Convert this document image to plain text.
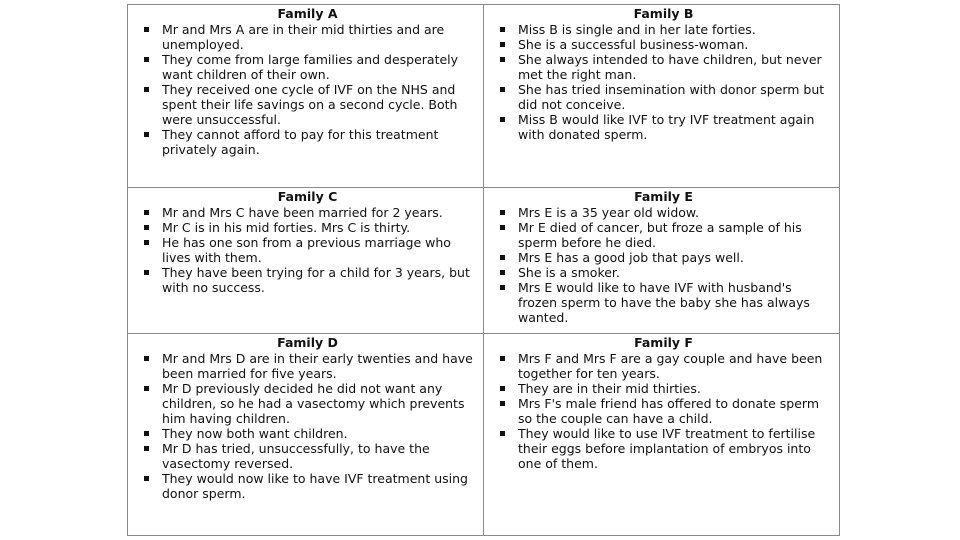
Family A
Mr and Mrs A are in their mid thirties and are unemployed.
They come from large families and desperately want children of their own.
They received one cycle of IVF on the NHS and spent their life savings on a second cycle. Both were unsuccessful.
They cannot afford to pay for this treatment privately again.
Family B
Miss B is single and in her late forties.
She is a successful business-woman.
She always intended to have children, but never met the right man.
She has tried insemination with donor sperm but did not conceive.
Miss B would like IVF to try IVF treatment again with donated sperm.
Family C
Mr and Mrs C have been married for 2 years.
Mr C is in his mid forties. Mrs C is thirty.
He has one son from a previous marriage who lives with them.
They have been trying for a child for 3 years, but with no success.
Family E
Mrs E is a 35 year old widow.
Mr E died of cancer, but froze a sample of his sperm before he died.
Mrs E has a good job that pays well.
She is a smoker.
Mrs E would like to have IVF with husband's frozen sperm to have the baby she has always wanted.
Family D
Mr and Mrs D are in their early twenties and have been married for five years.
Mr D previously decided he did not want any children, so he had a vasectomy which prevents him having children.
They now both want children.
Mr D has tried, unsuccessfully, to have the vasectomy reversed.
They would now like to have IVF treatment using donor sperm.
Family F
Mrs F and Mrs F are a gay couple and have been together for ten years.
They are in their mid thirties.
Mrs F's male friend has offered to donate sperm so the couple can have a child.
They would like to use IVF treatment to fertilise their eggs before implantation of embryos into one of them.
